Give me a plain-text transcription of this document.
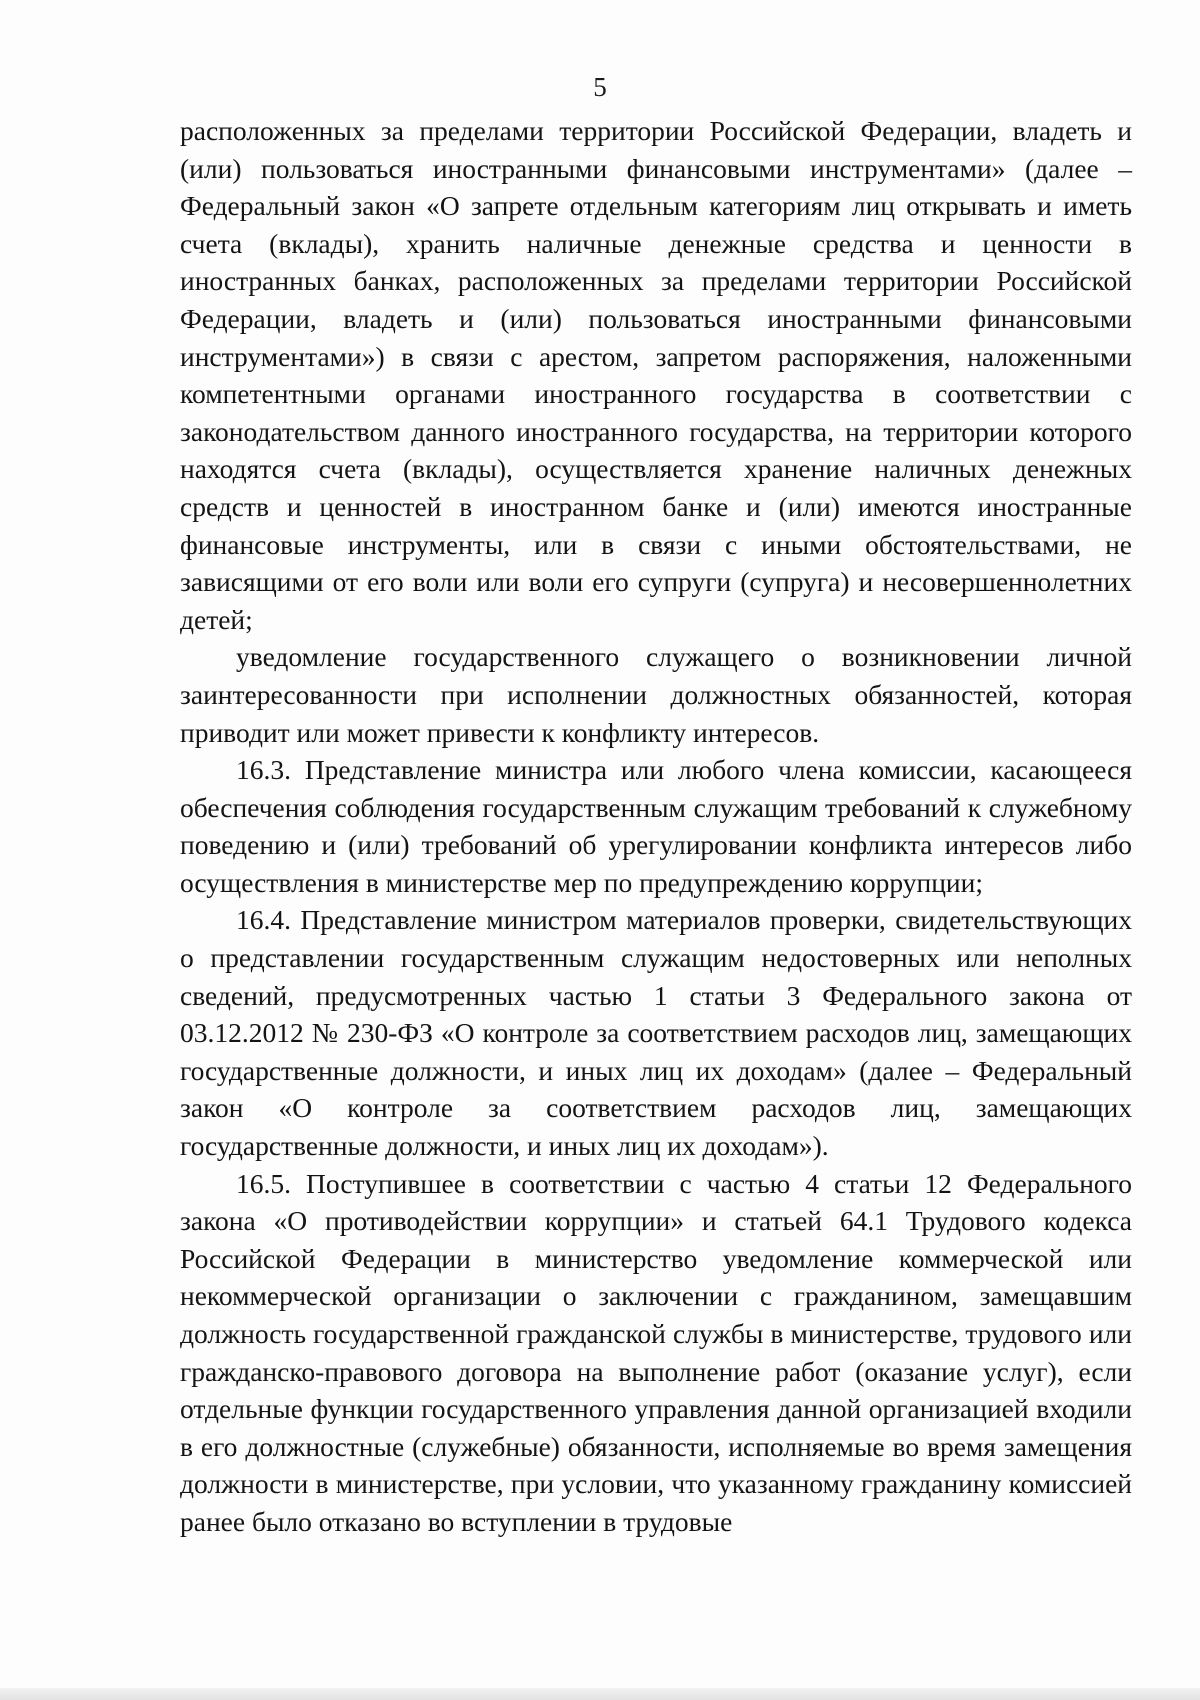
5

расположенных за пределами территории Российской Федерации, владеть и (или) пользоваться иностранными финансовыми инструментами» (далее – Федеральный закон «О запрете отдельным категориям лиц открывать и иметь счета (вклады), хранить наличные денежные средства и ценности в иностранных банках, расположенных за пределами территории Российской Федерации, владеть и (или) пользоваться иностранными финансовыми инструментами») в связи с арестом, запретом распоряжения, наложенными компетентными органами иностранного государства в соответствии с законодательством данного иностранного государства, на территории которого находятся счета (вклады), осуществляется хранение наличных денежных средств и ценностей в иностранном банке и (или) имеются иностранные финансовые инструменты, или в связи с иными обстоятельствами, не зависящими от его воли или воли его супруги (супруга) и несовершеннолетних детей;

уведомление государственного служащего о возникновении личной заинтересованности при исполнении должностных обязанностей, которая приводит или может привести к конфликту интересов.

16.3. Представление министра или любого члена комиссии, касающееся обеспечения соблюдения государственным служащим требований к служебному поведению и (или) требований об урегулировании конфликта интересов либо осуществления в министерстве мер по предупреждению коррупции;

16.4. Представление министром материалов проверки, свидетельствующих о представлении государственным служащим недостоверных или неполных сведений, предусмотренных частью 1 статьи 3 Федерального закона от 03.12.2012 № 230-ФЗ «О контроле за соответствием расходов лиц, замещающих государственные должности, и иных лиц их доходам» (далее – Федеральный закон «О контроле за соответствием расходов лиц, замещающих государственные должности, и иных лиц их доходам»).

16.5. Поступившее в соответствии с частью 4 статьи 12 Федерального закона «О противодействии коррупции» и статьей 64.1 Трудового кодекса Российской Федерации в министерство уведомление коммерческой или некоммерческой организации о заключении с гражданином, замещавшим должность государственной гражданской службы в министерстве, трудового или гражданско-правового договора на выполнение работ (оказание услуг), если отдельные функции государственного управления данной организацией входили в его должностные (служебные) обязанности, исполняемые во время замещения должности в министерстве, при условии, что указанному гражданину комиссией ранее было отказано во вступлении в трудовые
